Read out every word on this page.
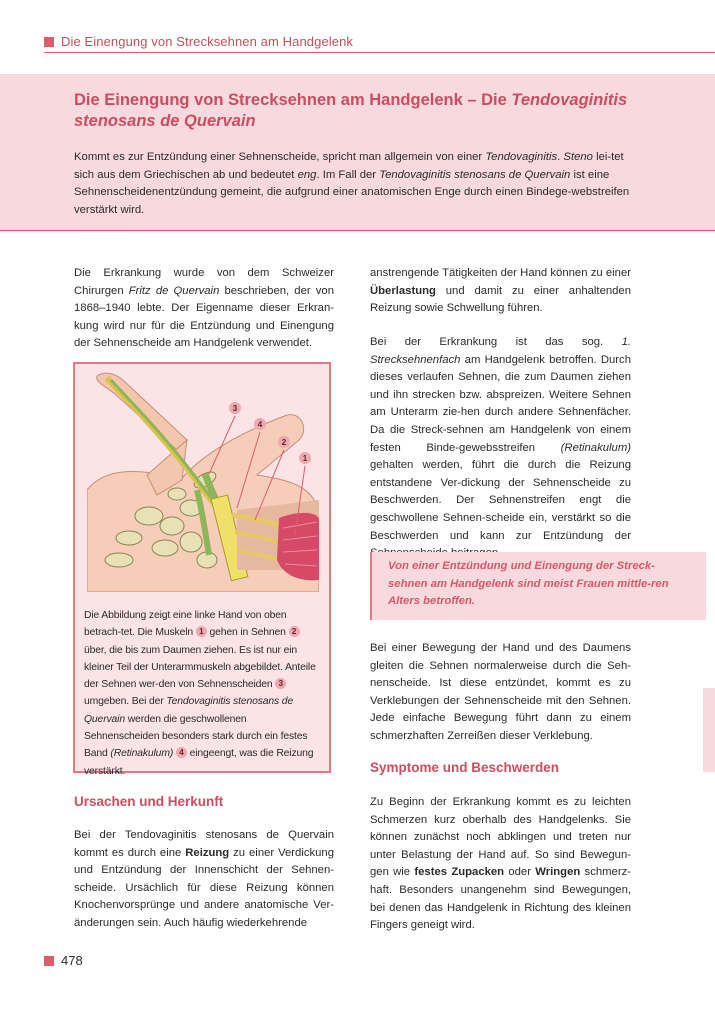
Die Einengung von Strecksehnen am Handgelenk
Die Einengung von Strecksehnen am Handgelenk – Die Tendovaginitis stenosans de Quervain

Kommt es zur Entzündung einer Sehnenscheide, spricht man allgemein von einer Tendovaginitis. Steno lei-tet sich aus dem Griechischen ab und bedeutet eng. Im Fall der Tendovaginitis stenosans de Quervain ist eine Sehnenscheidenentzündung gemeint, die aufgrund einer anatomischen Enge durch einen Bindege-webstreifen verstärkt wird.

Die Erkrankung wurde von dem Schweizer Chirurgen Fritz de Quervain beschrieben, der von 1868–1940 lebte. Der Eigenname dieser Erkran-kung wird nur für die Entzündung und Einengung der Sehnenscheide am Handgelenk verwendet.

3
4
2
1

Die Abbildung zeigt eine linke Hand von oben betrach-tet. Die Muskeln 1 gehen in Sehnen 2 über, die bis zum Daumen ziehen. Es ist nur ein kleiner Teil der Unterarmmuskeln abgebildet. Anteile der Sehnen wer-den von Sehnenscheiden 3 umgeben. Bei der Tendovaginitis stenosans de Quervain werden die geschwollenen Sehnenscheiden besonders stark durch ein festes Band (Retinakulum) 4 eingeengt, was die Reizung verstärkt.

Ursachen und Herkunft

Bei der Tendovaginitis stenosans de Quervain kommt es durch eine Reizung zu einer Verdickung und Entzündung der Innenschicht der Sehnen-scheide. Ursächlich für diese Reizung können Knochenvorsprünge und andere anatomische Ver-änderungen sein. Auch häufig wiederkehrende

anstrengende Tätigkeiten der Hand können zu einer Überlastung und damit zu einer anhaltenden Reizung sowie Schwellung führen.

Bei der Erkrankung ist das sog. 1. Strecksehnenfach am Handgelenk betroffen. Durch dieses verlaufen Sehnen, die zum Daumen ziehen und ihn strecken bzw. abspreizen. Weitere Sehnen am Unterarm zie-hen durch andere Sehnenfächer. Da die Streck-sehnen am Handgelenk von einem festen Binde-gewebsstreifen (Retinakulum) gehalten werden, führt die durch die Reizung entstandene Ver-dickung der Sehnenscheide zu Beschwerden. Der Sehnenstreifen engt die geschwollene Sehnen-scheide ein, verstärkt so die Beschwerden und kann zur Entzündung der

Von einer Entzündung und Einengung der Streck-sehnen am Handgelenk sind meist Frauen mittle-ren Alters betroffen.

Bei einer Bewegung der Hand und des Daumens gleiten die Sehnen normalerweise durch die Seh-nenscheide. Ist diese entzündet, kommt es zu Verklebungen der Sehnenscheide mit den Sehnen. Jede einfache Bewegung führt dann zu einem schmerzhaften Zerreißen dieser Verklebung.

Symptome und Beschwerden

Zu Beginn der Erkrankung kommt es zu leichten Schmerzen kurz oberhalb des Handgelenks. Sie können zunächst noch abklingen und treten nur unter Belastung der Hand auf. So sind Bewegun-gen wie festes Zupacken oder Wringen schmerz-haft. Besonders unangenehm sind Bewegungen, bei denen das Handgelenk in Richtung des kleinen Fingers geneigt wird.

478
